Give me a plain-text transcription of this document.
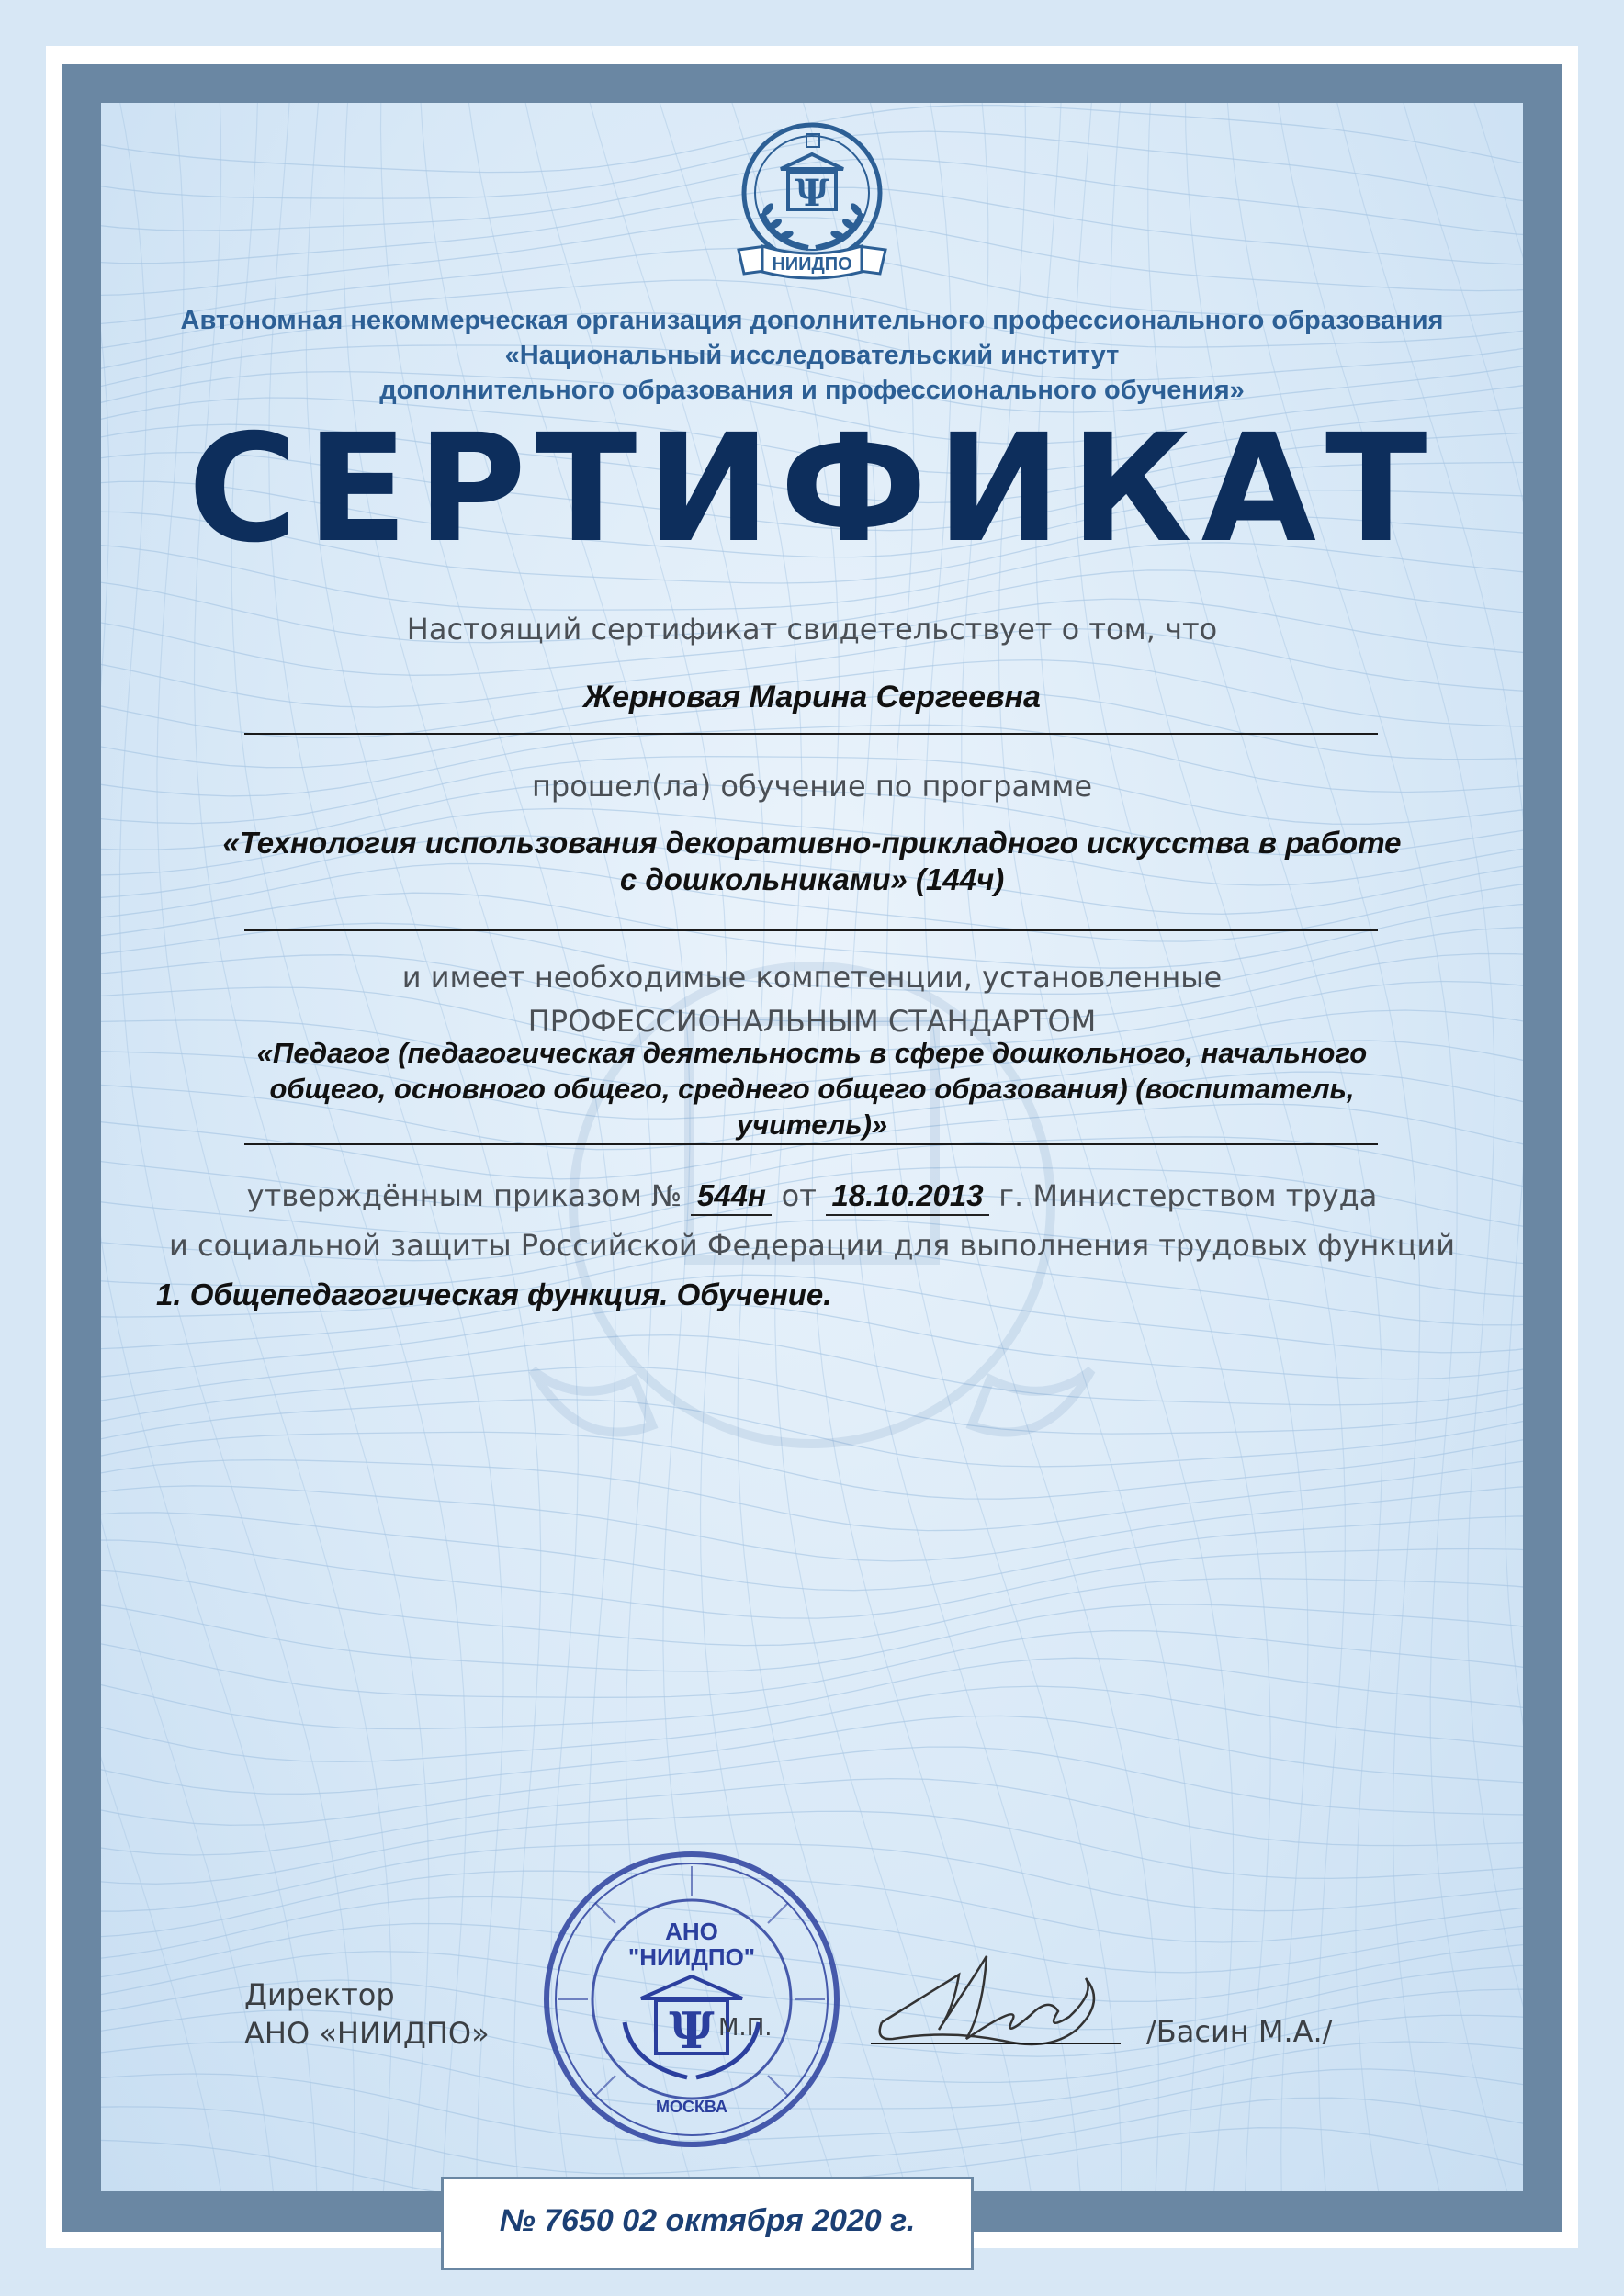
Ψ
НИИДПО
Автономная некоммерческая организация дополнительного профессионального образования
«Национальный исследовательский институт
дополнительного образования и профессионального обучения»
СЕРТИФИКАТ
Настоящий сертификат свидетельствует о том, что
Жерновая Марина Сергеевна
прошел(ла) обучение по программе
«Технология использования декоративно-прикладного искусства в работе
с дошкольниками» (144ч)
и имеет необходимые компетенции, установленные
ПРОФЕССИОНАЛЬНЫМ СТАНДАРТОМ
«Педагог (педагогическая деятельность в сфере дошкольного, начального
общего, основного общего, среднего общего образования) (воспитатель,
учитель)»
утверждённым приказом № 544н от 18.10.2013 г. Министерством труда
и социальной защиты Российской Федерации для выполнения трудовых функций
1. Общепедагогическая функция. Обучение.
Директор
АНО «НИИДПО»
АНО
"НИИДПО"
Ψ
МОСКВА
М.П.	/Басин М.А./
№ 7650 02 октября 2020 г.
